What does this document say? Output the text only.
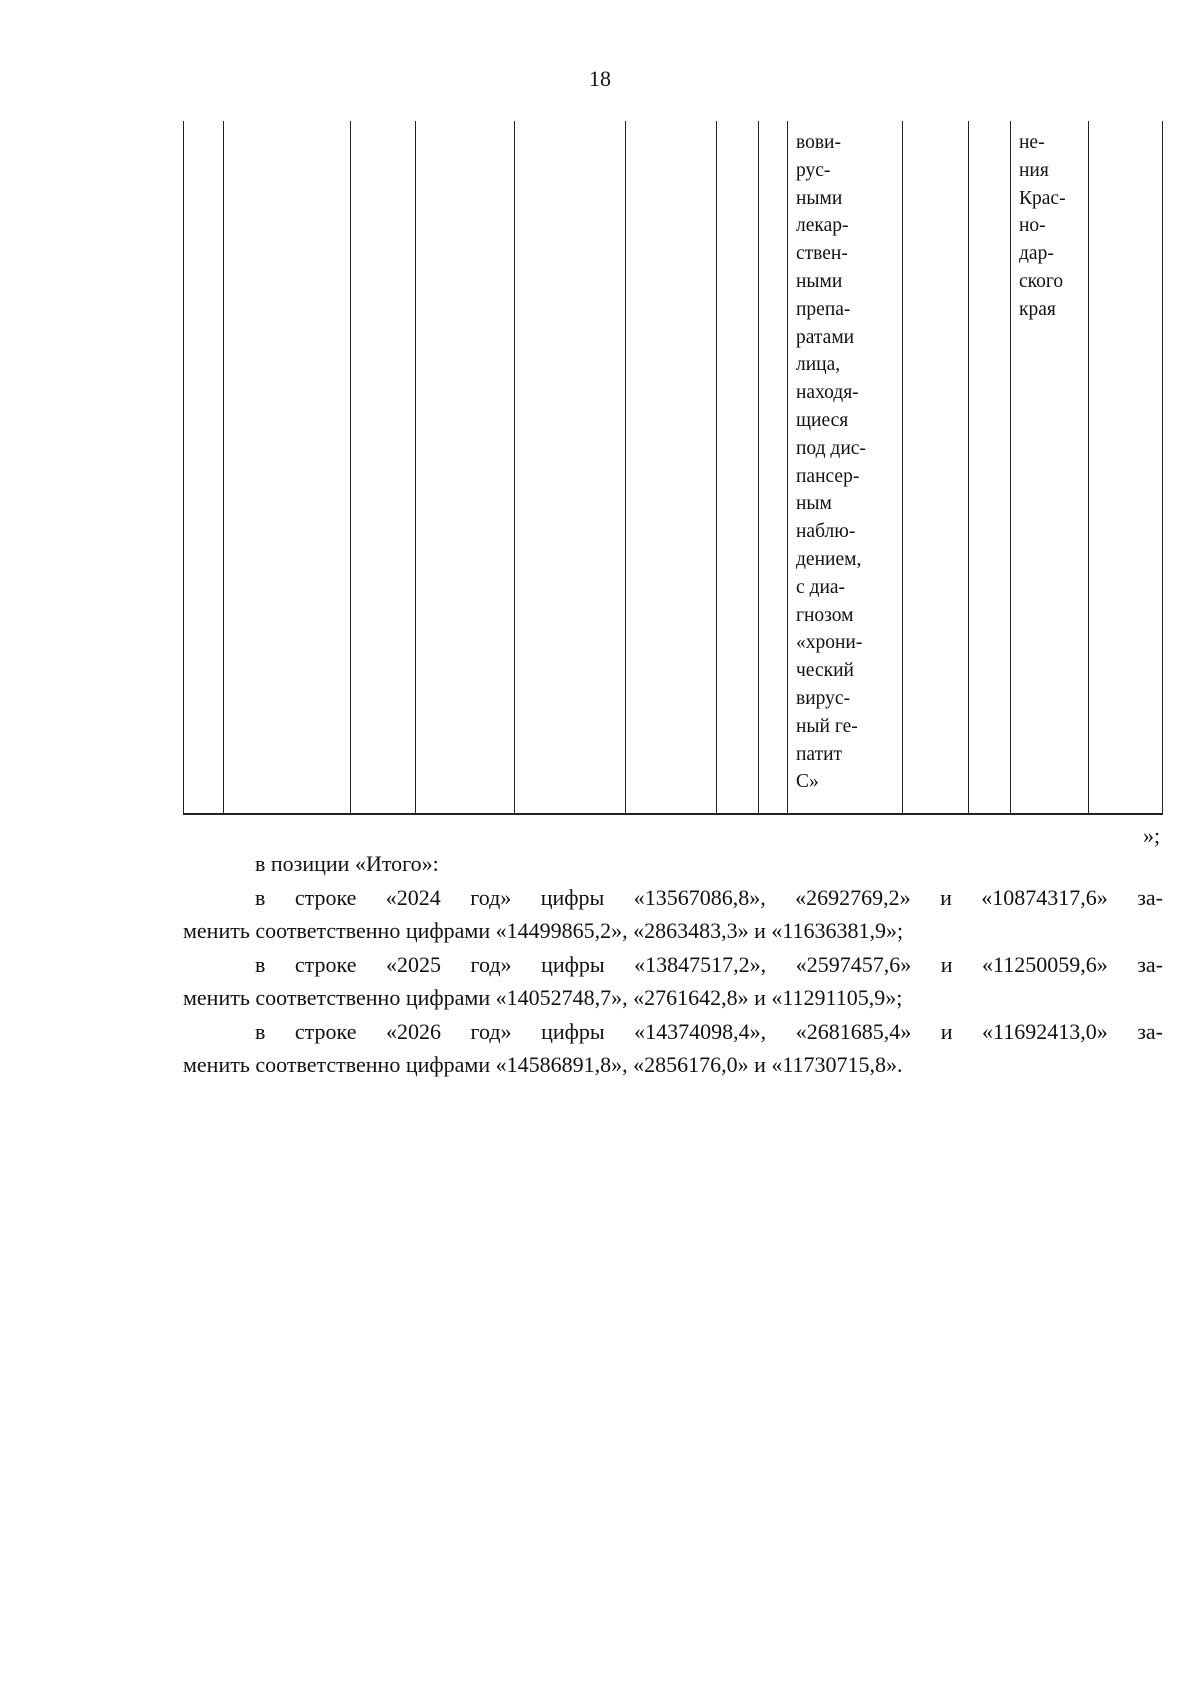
18
вови-
рус-
ными
лекар-
ствен-
ными
препа-
ратами
лица,
находя-
щиеся
под дис-
пансер-
ным
наблю-
дением,
с диа-
гнозом
«хрони-
ческий
вирус-
ный ге-
патит
С»
не-
ния
Крас-
но-
дар-
ского
края
»;
в позиции «Итого»:
в строке «2024 год» цифры «13567086,8», «2692769,2» и «10874317,6» за-
менить соответственно цифрами «14499865,2», «2863483,3» и «11636381,9»;
в строке «2025 год» цифры «13847517,2», «2597457,6» и «11250059,6» за-
менить соответственно цифрами «14052748,7», «2761642,8» и «11291105,9»;
в строке «2026 год» цифры «14374098,4», «2681685,4» и «11692413,0» за-
менить соответственно цифрами «14586891,8», «2856176,0» и «11730715,8».
